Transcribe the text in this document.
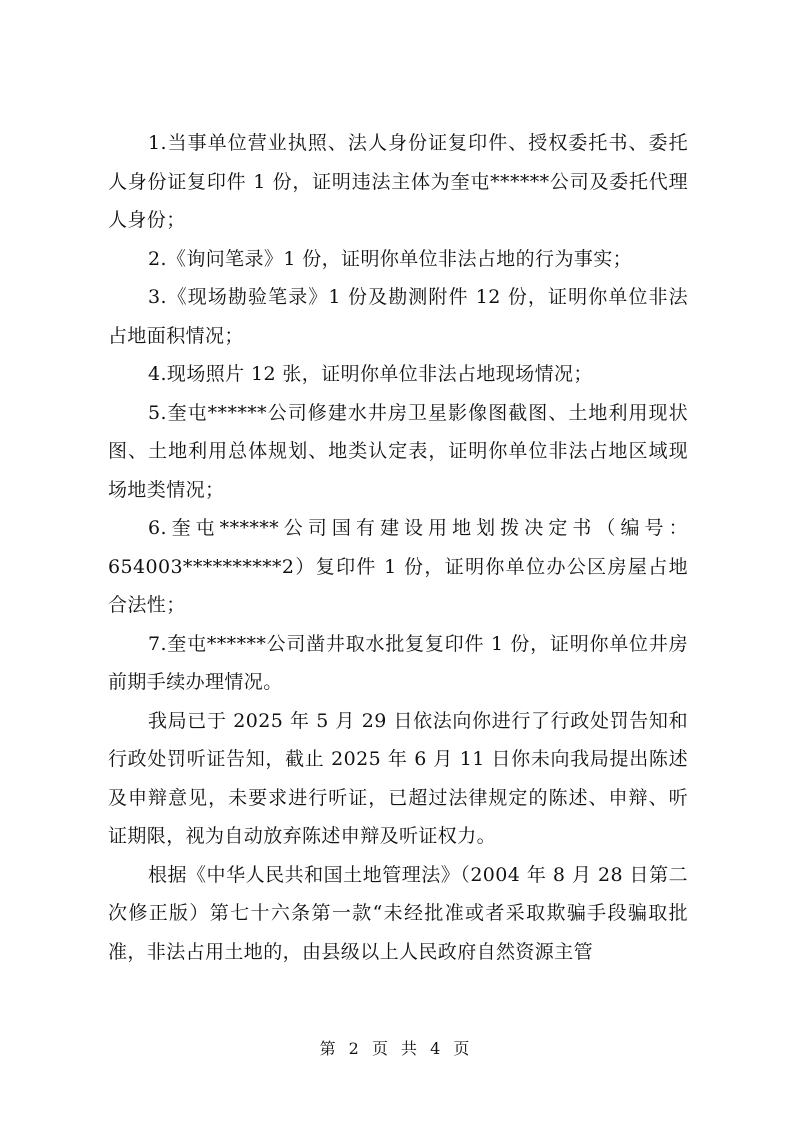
1.当事单位营业执照、法人身份证复印件、授权委托书、委托人身份证复印件 1 份，证明违法主体为奎屯******公司及委托代理人身份；

2.《询问笔录》1 份，证明你单位非法占地的行为事实；

3.《现场勘验笔录》1 份及勘测附件 12 份，证明你单位非法占地面积情况；

4.现场照片 12 张，证明你单位非法占地现场情况；

5.奎屯******公司修建水井房卫星影像图截图、土地利用现状图、土地利用总体规划、地类认定表，证明你单位非法占地区域现场地类情况；

6.奎屯******公司国有建设用地划拨决定书（编号：654003**********2）复印件 1 份，证明你单位办公区房屋占地合法性；

7.奎屯******公司凿井取水批复复印件 1 份，证明你单位井房前期手续办理情况。

我局已于 2025 年 5 月 29 日依法向你进行了行政处罚告知和行政处罚听证告知，截止 2025 年 6 月 11 日你未向我局提出陈述及申辩意见，未要求进行听证，已超过法律规定的陈述、申辩、听证期限，视为自动放弃陈述申辩及听证权力。

根据《中华人民共和国土地管理法》（2004 年 8 月 28 日第二次修正版）第七十六条第一款“未经批准或者采取欺骗手段骗取批准，非法占用土地的，由县级以上人民政府自然资源主管

第 2 页 共 4 页
